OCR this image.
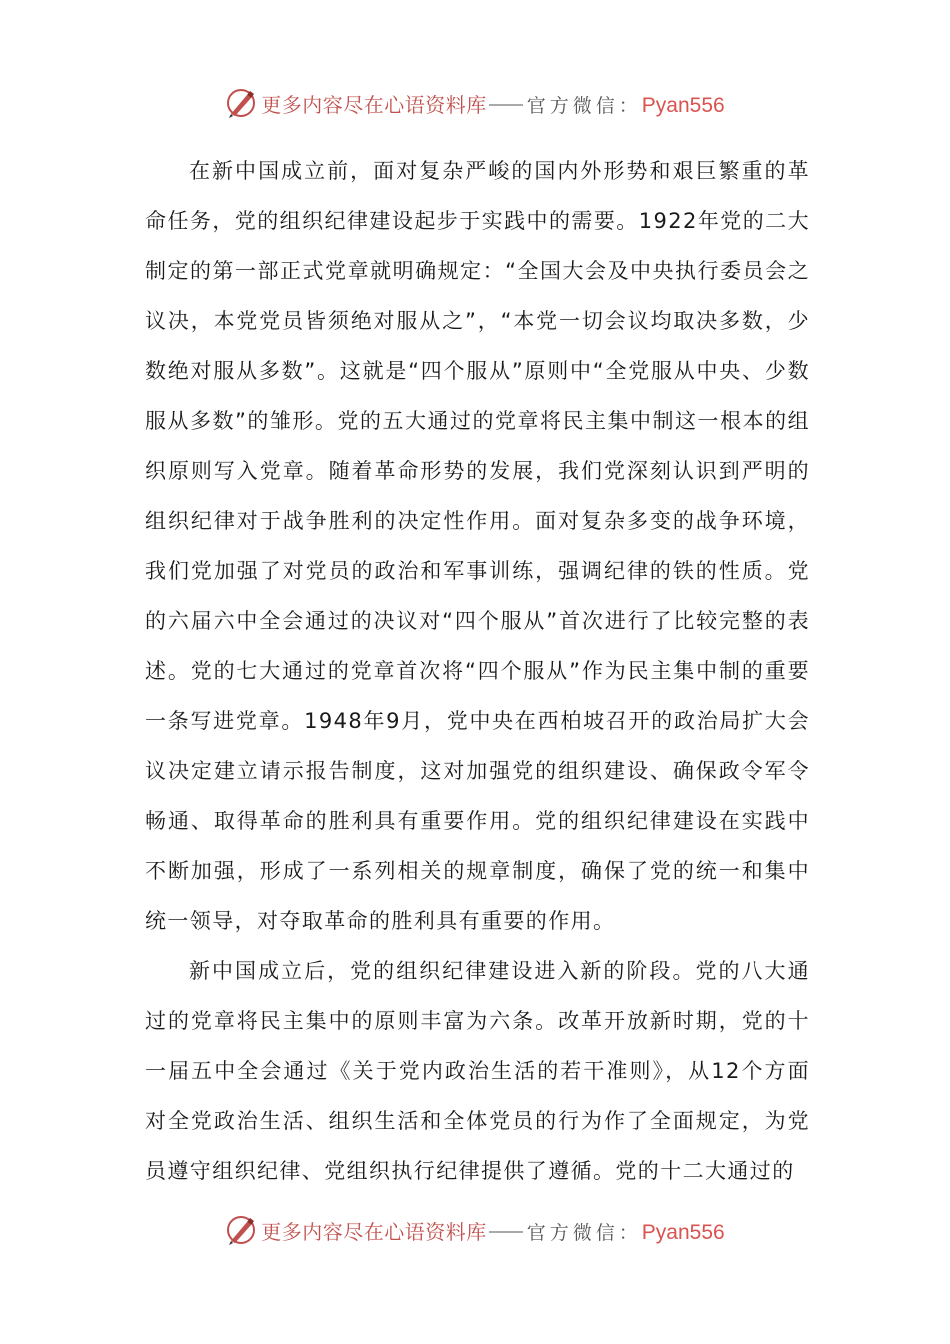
更多内容尽在心语资料库 官方微信：Pyan556

在新中国成立前，面对复杂严峻的国内外形势和艰巨繁重的革命任务，党的组织纪律建设起步于实践中的需要。1922年党的二大制定的第一部正式党章就明确规定：“全国大会及中央执行委员会之议决，本党党员皆须绝对服从之”，“本党一切会议均取决多数，少数绝对服从多数”。这就是“四个服从”原则中“全党服从中央、少数服从多数”的雏形。党的五大通过的党章将民主集中制这一根本的组织原则写入党章。随着革命形势的发展，我们党深刻认识到严明的组织纪律对于战争胜利的决定性作用。面对复杂多变的战争环境，我们党加强了对党员的政治和军事训练，强调纪律的铁的性质。党的六届六中全会通过的决议对“四个服从”首次进行了比较完整的表述。党的七大通过的党章首次将“四个服从”作为民主集中制的重要一条写进党章。1948年9月，党中央在西柏坡召开的政治局扩大会议决定建立请示报告制度，这对加强党的组织建设、确保政令军令畅通、取得革命的胜利具有重要作用。党的组织纪律建设在实践中不断加强，形成了一系列相关的规章制度，确保了党的统一和集中统一领导，对夺取革命的胜利具有重要的作用。

新中国成立后，党的组织纪律建设进入新的阶段。党的八大通过的党章将民主集中的原则丰富为六条。改革开放新时期，党的十一届五中全会通过《关于党内政治生活的若干准则》，从12个方面对全党政治生活、组织生活和全体党员的行为作了全面规定，为党员遵守组织纪律、党组织执行纪律提供了遵循。党的十二大通过的

更多内容尽在心语资料库 官方微信：Pyan556
